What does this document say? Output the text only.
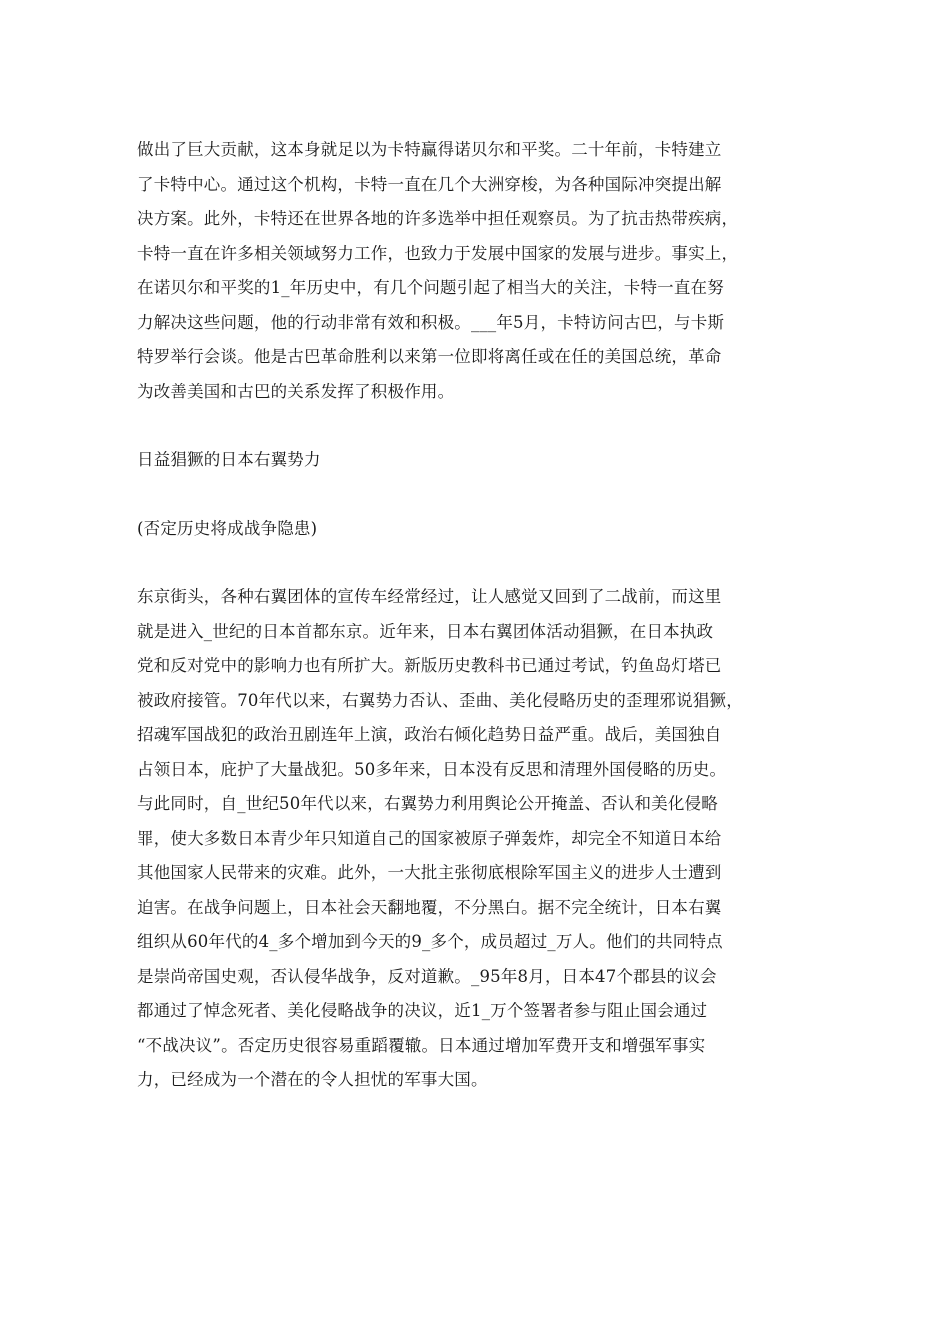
做出了巨大贡献，这本身就足以为卡特赢得诺贝尔和平奖。二十年前，卡特建立
了卡特中心。通过这个机构，卡特一直在几个大洲穿梭，为各种国际冲突提出解
决方案。此外，卡特还在世界各地的许多选举中担任观察员。为了抗击热带疾病，
卡特一直在许多相关领域努力工作，也致力于发展中国家的发展与进步。事实上，
在诺贝尔和平奖的1_年历史中，有几个问题引起了相当大的关注，卡特一直在努
力解决这些问题，他的行动非常有效和积极。___年5月，卡特访问古巴，与卡斯
特罗举行会谈。他是古巴革命胜利以来第一位即将离任或在任的美国总统，革命
为改善美国和古巴的关系发挥了积极作用。
日益猖獗的日本右翼势力
(否定历史将成战争隐患)
东京街头，各种右翼团体的宣传车经常经过，让人感觉又回到了二战前，而这里
就是进入_世纪的日本首都东京。近年来，日本右翼团体活动猖獗，在日本执政
党和反对党中的影响力也有所扩大。新版历史教科书已通过考试，钓鱼岛灯塔已
被政府接管。70年代以来，右翼势力否认、歪曲、美化侵略历史的歪理邪说猖獗，
招魂军国战犯的政治丑剧连年上演，政治右倾化趋势日益严重。战后，美国独自
占领日本，庇护了大量战犯。50多年来，日本没有反思和清理外国侵略的历史。
与此同时，自_世纪50年代以来，右翼势力利用舆论公开掩盖、否认和美化侵略
罪，使大多数日本青少年只知道自己的国家被原子弹轰炸，却完全不知道日本给
其他国家人民带来的灾难。此外，一大批主张彻底根除军国主义的进步人士遭到
迫害。在战争问题上，日本社会天翻地覆，不分黑白。据不完全统计，日本右翼
组织从60年代的4_多个增加到今天的9_多个，成员超过_万人。他们的共同特点
是崇尚帝国史观，否认侵华战争，反对道歉。_95年8月，日本47个郡县的议会
都通过了悼念死者、美化侵略战争的决议，近1_万个签署者参与阻止国会通过
“不战决议”。否定历史很容易重蹈覆辙。日本通过增加军费开支和增强军事实
力，已经成为一个潜在的令人担忧的军事大国。
